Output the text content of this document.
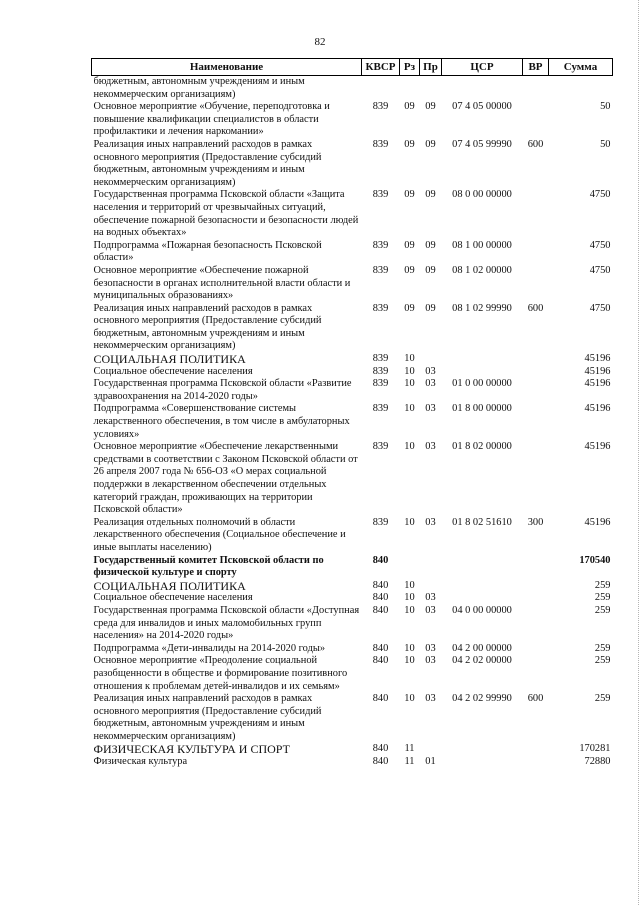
82
Наименование	КВСР	Рз	Пр	ЦСР	ВР	Сумма
бюджетным, автономным учреждениям и иным некоммерческим организациям)						
Основное мероприятие «Обучение, переподготовка и повышение квалификации специалистов в области профилактики и лечения наркомании»	839	09	09	07 4 05 00000		50
Реализация иных направлений расходов в рамках основного мероприятия (Предоставление субсидий бюджетным, автономным учреждениям и иным некоммерческим организациям)	839	09	09	07 4 05 99990	600	50
Государственная программа Псковской области «Защита населения и территорий от чрезвычайных ситуаций, обеспечение пожарной безопасности и безопасности людей на водных объектах»	839	09	09	08 0 00 00000		4750
Подпрограмма «Пожарная безопасность Псковской области»	839	09	09	08 1 00 00000		4750
Основное мероприятие «Обеспечение пожарной безопасности в органах исполнительной власти области и муниципальных образованиях»	839	09	09	08 1 02 00000		4750
Реализация иных направлений расходов в рамках основного мероприятия (Предоставление субсидий бюджетным, автономным учреждениям и иным некоммерческим организациям)	839	09	09	08 1 02 99990	600	4750
СОЦИАЛЬНАЯ ПОЛИТИКА	839	10				45196
Социальное обеспечение населения	839	10	03			45196
Государственная программа Псковской области «Развитие здравоохранения на 2014-2020 годы»	839	10	03	01 0 00 00000		45196
Подпрограмма «Совершенствование системы лекарственного обеспечения, в том числе в амбулаторных условиях»	839	10	03	01 8 00 00000		45196
Основное мероприятие «Обеспечение лекарственными средствами в соответствии с Законом Псковской области от 26 апреля 2007 года № 656-ОЗ «О мерах социальной поддержки в лекарственном обеспечении отдельных категорий граждан, проживающих на территории Псковской области»	839	10	03	01 8 02 00000		45196
Реализация отдельных полномочий в области лекарственного обеспечения (Социальное обеспечение и иные выплаты населению)	839	10	03	01 8 02 51610	300	45196
Государственный комитет Псковской области по физической культуре и спорту	840					170540
СОЦИАЛЬНАЯ ПОЛИТИКА	840	10				259
Социальное обеспечение населения	840	10	03			259
Государственная программа Псковской области «Доступная среда для инвалидов и иных маломобильных групп населения» на 2014-2020 годы»	840	10	03	04 0 00 00000		259
Подпрограмма «Дети-инвалиды на 2014-2020 годы»	840	10	03	04 2 00 00000		259
Основное мероприятие «Преодоление социальной разобщенности в обществе и формирование позитивного отношения к проблемам детей-инвалидов и их семьям»	840	10	03	04 2 02 00000		259
Реализация иных направлений расходов в рамках основного мероприятия (Предоставление субсидий бюджетным, автономным учреждениям и иным некоммерческим организациям)	840	10	03	04 2 02 99990	600	259
ФИЗИЧЕСКАЯ КУЛЬТУРА И СПОРТ	840	11				170281
Физическая культура	840	11	01			72880
